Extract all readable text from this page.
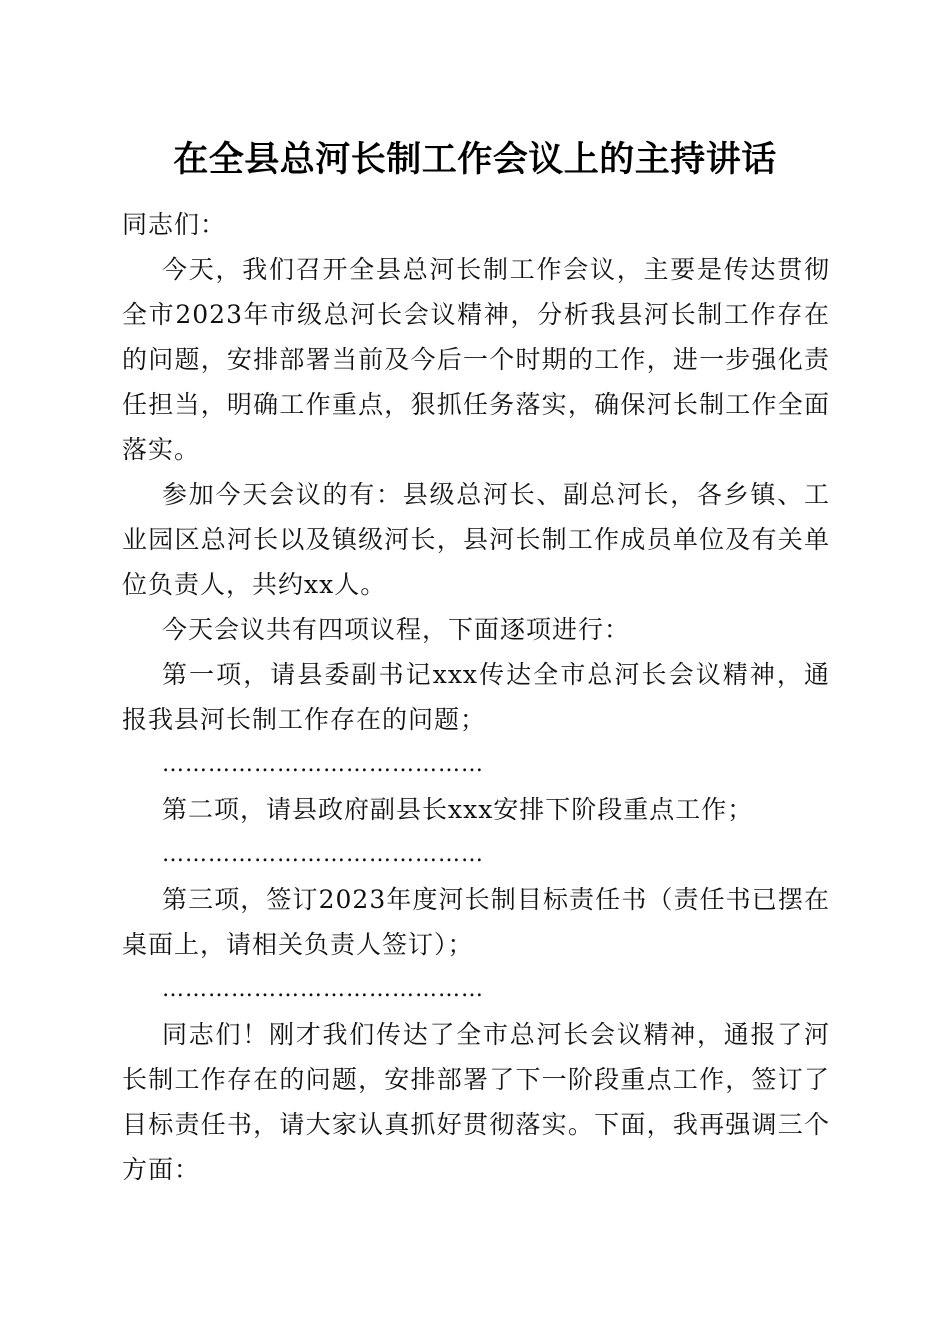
在全县总河长制工作会议上的主持讲话

同志们：

今天，我们召开全县总河长制工作会议，主要是传达贯彻全市2023年市级总河长会议精神，分析我县河长制工作存在的问题，安排部署当前及今后一个时期的工作，进一步强化责任担当，明确工作重点，狠抓任务落实，确保河长制工作全面落实。

参加今天会议的有：县级总河长、副总河长，各乡镇、工业园区总河长以及镇级河长，县河长制工作成员单位及有关单位负责人，共约xx人。

今天会议共有四项议程，下面逐项进行：

第一项，请县委副书记xxx传达全市总河长会议精神，通报我县河长制工作存在的问题；

……………………………………

第二项，请县政府副县长xxx安排下阶段重点工作；

……………………………………

第三项，签订2023年度河长制目标责任书（责任书已摆在桌面上，请相关负责人签订）；

……………………………………

同志们！刚才我们传达了全市总河长会议精神，通报了河长制工作存在的问题，安排部署了下一阶段重点工作，签订了目标责任书，请大家认真抓好贯彻落实。下面，我再强调三个方面：
